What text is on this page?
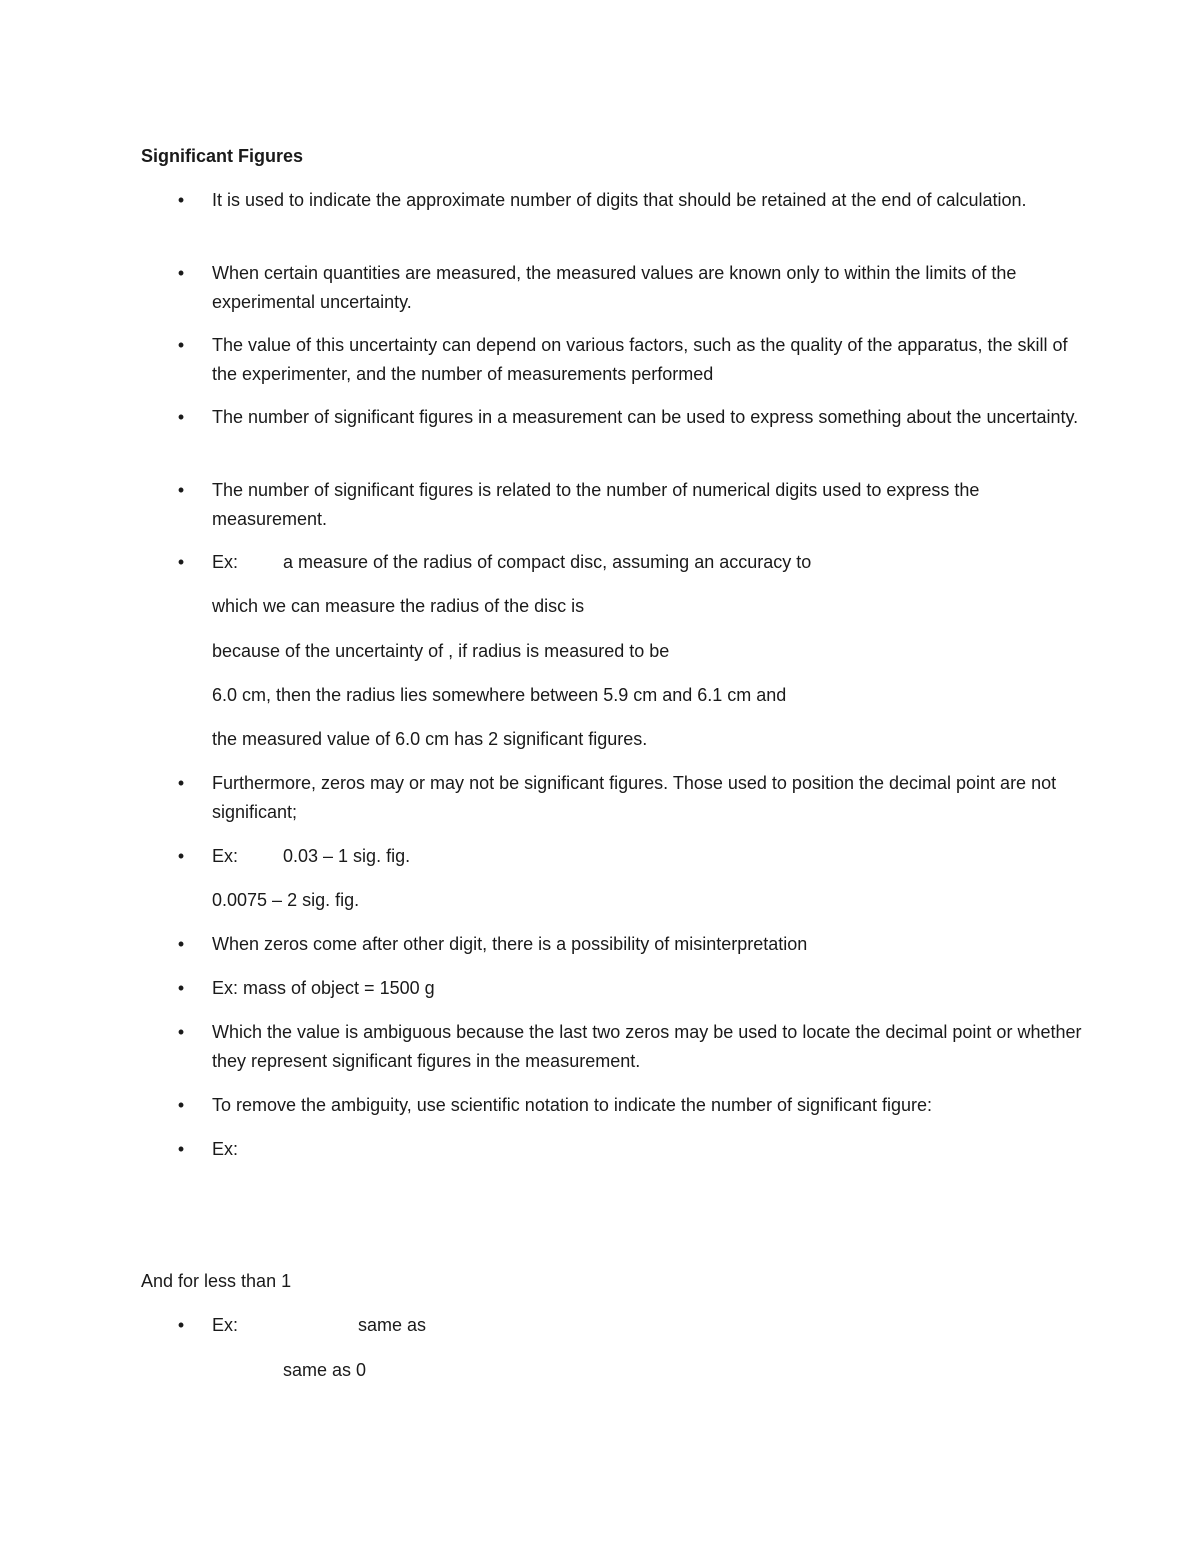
Significant Figures
• It is used to indicate the approximate number of digits that should be retained at the end of calculation.
• When certain quantities are measured, the measured values are known only to within the limits of the experimental uncertainty.
• The value of this uncertainty can depend on various factors, such as the quality of the apparatus, the skill of the experimenter, and the number of measurements performed
• The number of significant figures in a measurement can be used to express something about the uncertainty.
• The number of significant figures is related to the number of numerical digits used to express the measurement.
• Ex: a measure of the radius of compact disc, assuming an accuracy to
which we can measure the radius of the disc is
because of the uncertainty of , if radius is measured to be
6.0 cm, then the radius lies somewhere between 5.9 cm and 6.1 cm and
the measured value of 6.0 cm has 2 significant figures.
• Furthermore, zeros may or may not be significant figures. Those used to position the decimal point are not significant;
• Ex: 0.03 – 1 sig. fig.
0.0075 – 2 sig. fig.
• When zeros come after other digit, there is a possibility of misinterpretation
• Ex: mass of object = 1500 g
• Which the value is ambiguous because the last two zeros may be used to locate the decimal point or whether they represent significant figures in the measurement.
• To remove the ambiguity, use scientific notation to indicate the number of significant figure:
• Ex:
And for less than 1
• Ex:	same as
same as 0
